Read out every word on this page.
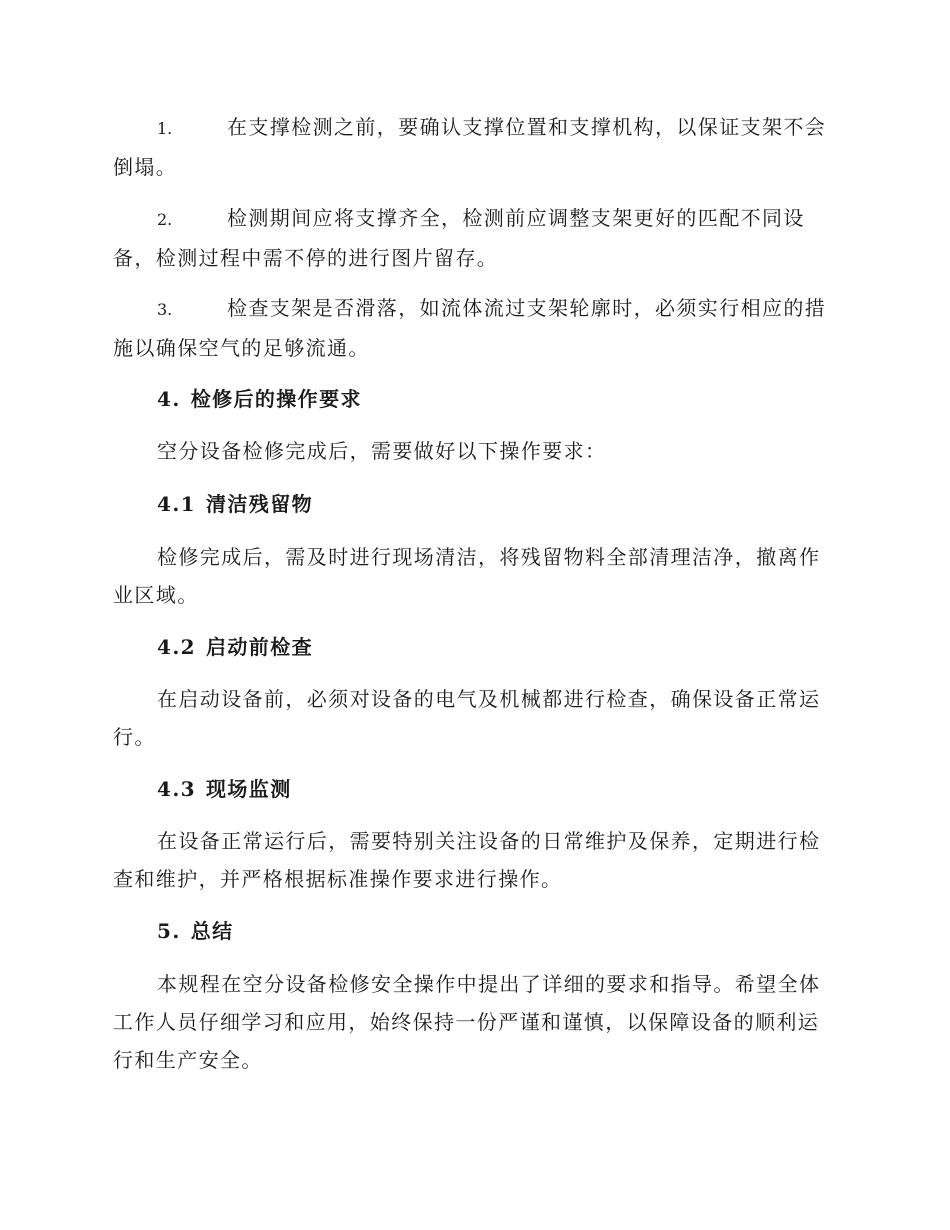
1.	在支撑检测之前，要确认支撑位置和支撑机构，以保证支架不会倒塌。
2.	检测期间应将支撑齐全，检测前应调整支架更好的匹配不同设备，检测过程中需不停的进行图片留存。
3.	检查支架是否滑落，如流体流过支架轮廓时，必须实行相应的措施以确保空气的足够流通。
4. 检修后的操作要求
空分设备检修完成后，需要做好以下操作要求：
4.1 清洁残留物
检修完成后，需及时进行现场清洁，将残留物料全部清理洁净，撤离作业区域。
4.2 启动前检查
在启动设备前，必须对设备的电气及机械都进行检查，确保设备正常运行。
4.3 现场监测
在设备正常运行后，需要特别关注设备的日常维护及保养，定期进行检查和维护，并严格根据标准操作要求进行操作。
5. 总结
本规程在空分设备检修安全操作中提出了详细的要求和指导。希望全体工作人员仔细学习和应用，始终保持一份严谨和谨慎，以保障设备的顺利运行和生产安全。
